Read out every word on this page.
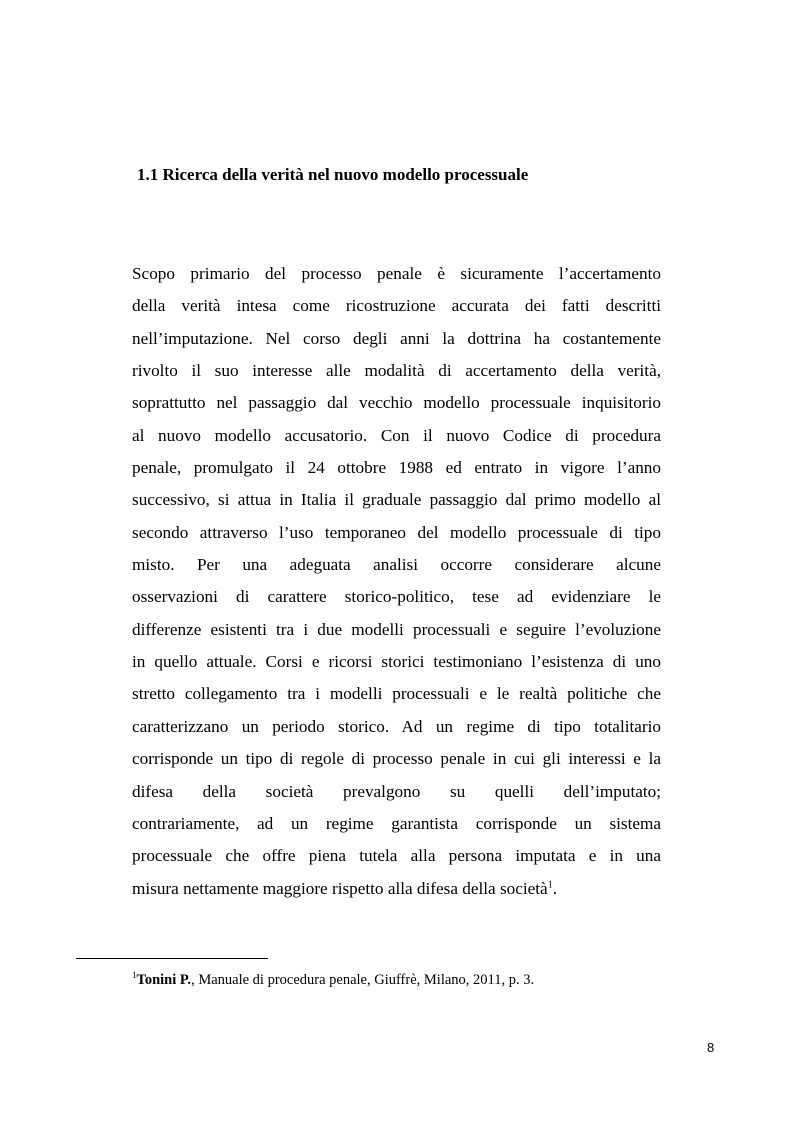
1.1 Ricerca della verità nel nuovo modello processuale
Scopo primario del processo penale è sicuramente l’accertamento
della verità intesa come ricostruzione accurata dei fatti descritti
nell’imputazione. Nel corso degli anni la dottrina ha costantemente
rivolto il suo interesse alle modalità di accertamento della verità,
soprattutto nel passaggio dal vecchio modello processuale inquisitorio
al nuovo modello accusatorio. Con il nuovo Codice di procedura
penale, promulgato il 24 ottobre 1988 ed entrato in vigore l’anno
successivo, si attua in Italia il graduale passaggio dal primo modello al
secondo attraverso l’uso temporaneo del modello processuale di tipo
misto. Per una adeguata analisi occorre considerare alcune
osservazioni di carattere storico-politico, tese ad evidenziare le
differenze esistenti tra i due modelli processuali e seguire l’evoluzione
in quello attuale. Corsi e ricorsi storici testimoniano l’esistenza di uno
stretto collegamento tra i modelli processuali e le realtà politiche che
caratterizzano un periodo storico. Ad un regime di tipo totalitario
corrisponde un tipo di regole di processo penale in cui gli interessi e la
difesa della società prevalgono su quelli dell’imputato;
contrariamente, ad un regime garantista corrisponde un sistema
processuale che offre piena tutela alla persona imputata e in una
misura nettamente maggiore rispetto alla difesa della società$^1$.

$^1$Tonini P., Manuale di procedura penale, Giuffrè, Milano, 2011, p. 3.

8
